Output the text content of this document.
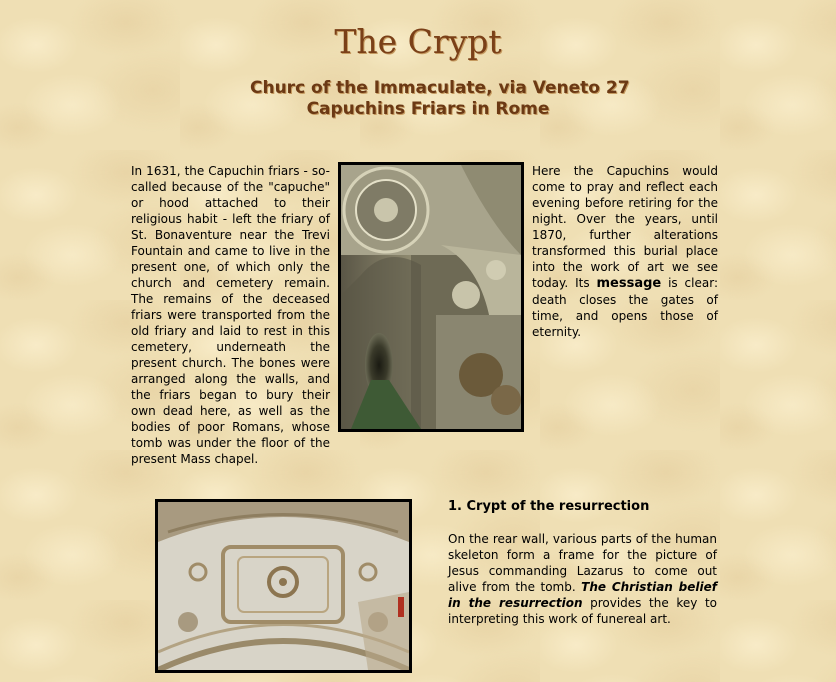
The Crypt
Churc of the Immaculate, via Veneto 27
Capuchins Friars in Rome
In 1631, the Capuchin friars - so-called because of the "capuche" or hood attached to their religious habit - left the friary of St. Bonaventure near the Trevi Fountain and came to live in the present one, of which only the church and cemetery remain. The remains of the deceased friars were transported from the old friary and laid to rest in this cemetery, underneath the present church. The bones were arranged along the walls, and the friars began to bury their own dead here, as well as the bodies of poor Romans, whose tomb was under the floor of the present Mass chapel.
Here the Capuchins would come to pray and reflect each evening before retiring for the night. Over the years, until 1870, further alterations transformed this burial place into the work of art we see today. Its message is clear: death closes the gates of time, and opens those of eternity.
1. Crypt of the resurrection
On the rear wall, various parts of the human skeleton form a frame for the picture of Jesus commanding Lazarus to come out alive from the tomb. The Christian belief in the resurrection provides the key to interpreting this work of funereal art.
